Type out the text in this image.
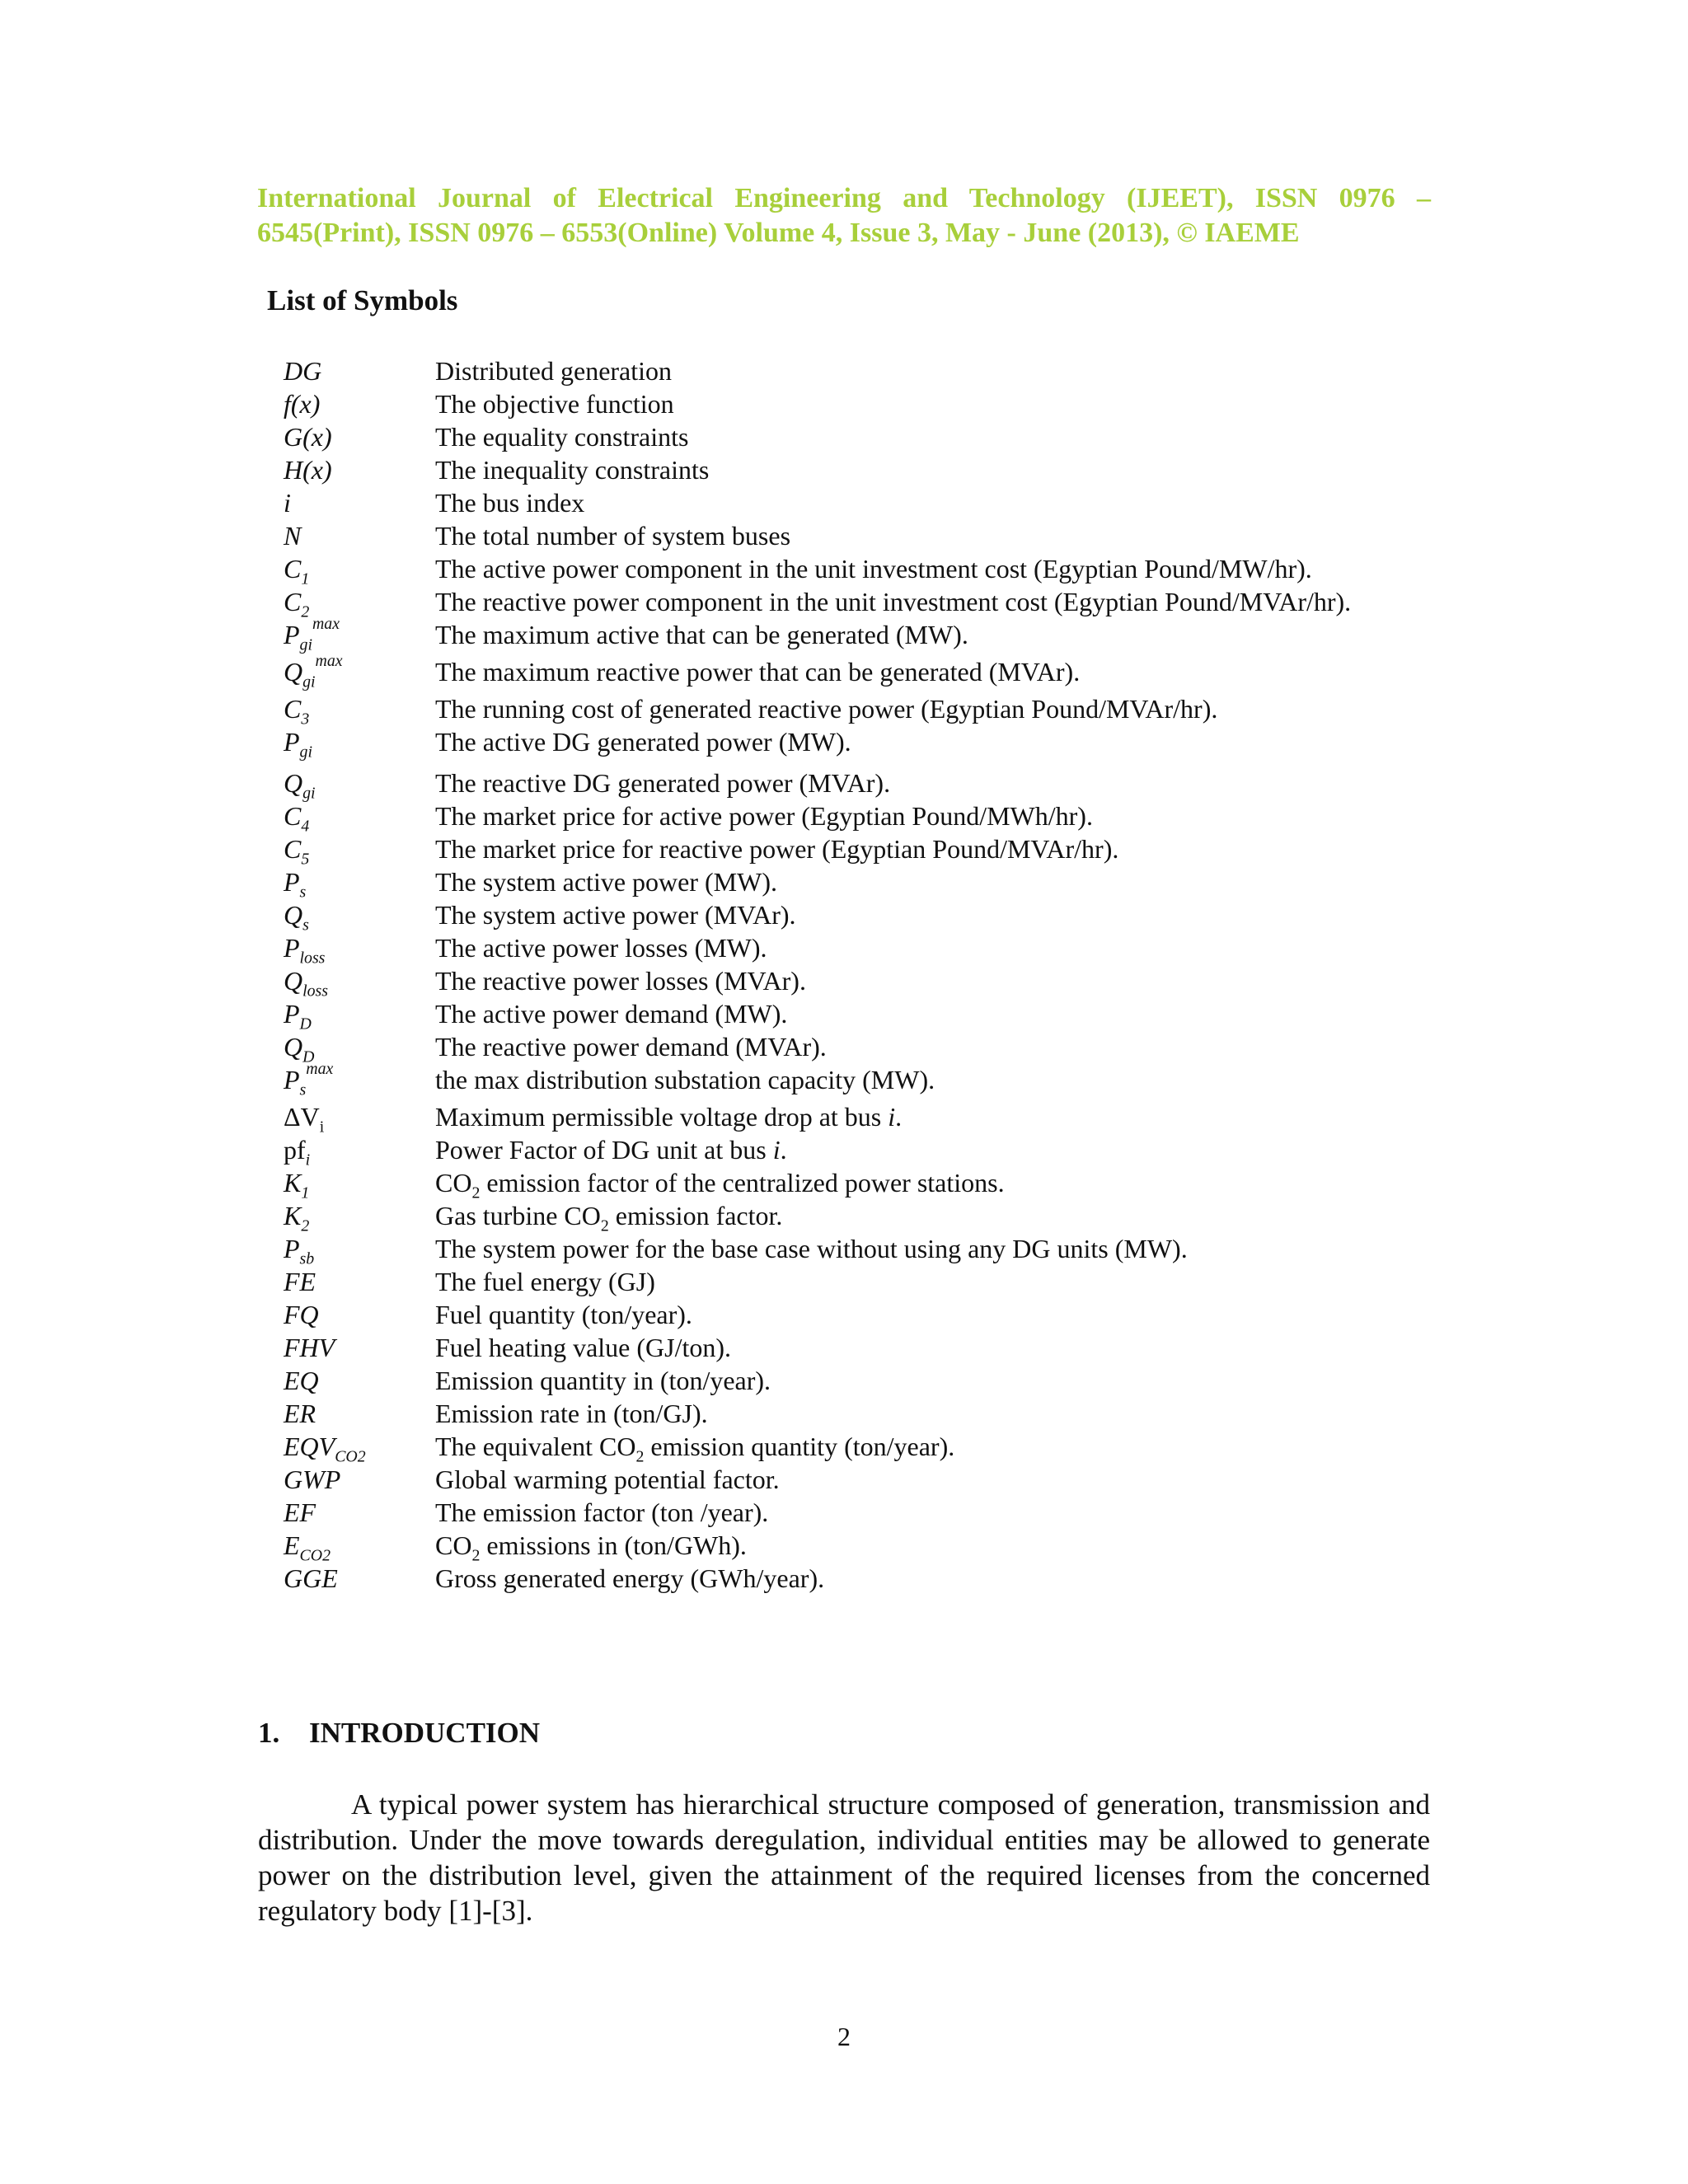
International Journal of Electrical Engineering and Technology (IJEET), ISSN 0976 –
6545(Print), ISSN 0976 – 6553(Online) Volume 4, Issue 3, May - June (2013), © IAEME
List of Symbols
DG	Distributed generation
f(x)	The objective function
G(x)	The equality constraints
H(x)	The inequality constraints
i	The bus index
N	The total number of system buses
$C_1$	The active power component in the unit investment cost (Egyptian Pound/MW/hr).
$C_2$	The reactive power component in the unit investment cost (Egyptian Pound/MVAr/hr).
$P_{gi}^{max}$	The maximum active that can be generated (MW).
$Q_{gi}^{max}$	The maximum reactive power that can be generated (MVAr).
$C_3$	The running cost of generated reactive power (Egyptian Pound/MVAr/hr).
$P_{gi}$	The active DG generated power (MW).
$Q_{gi}$	The reactive DG generated power (MVAr).
$C_4$	The market price for active power (Egyptian Pound/MWh/hr).
$C_5$	The market price for reactive power (Egyptian Pound/MVAr/hr).
$P_s$	The system active power (MW).
$Q_s$	The system active power (MVAr).
$P_{loss}$	The active power losses (MW).
$Q_{loss}$	The reactive power losses (MVAr).
$P_D$	The active power demand (MW).
$Q_D$	The reactive power demand (MVAr).
$P_s^{max}$	the max distribution substation capacity (MW).
$\Delta V_i$	Maximum permissible voltage drop at bus i.
$pf_i$	Power Factor of DG unit at bus i.
$K_1$	$CO_2$ emission factor of the centralized power stations.
$K_2$	Gas turbine $CO_2$ emission factor.
$P_{sb}$	The system power for the base case without using any DG units (MW).
FE	The fuel energy (GJ)
FQ	Fuel quantity (ton/year).
FHV	Fuel heating value (GJ/ton).
EQ	Emission quantity in (ton/year).
ER	Emission rate in (ton/GJ).
$EQV_{CO2}$	The equivalent $CO_2$ emission quantity (ton/year).
GWP	Global warming potential factor.
EF	The emission factor (ton /year).
$E_{CO2}$	$CO_2$ emissions in (ton/GWh).
GGE	Gross generated energy (GWh/year).
1. INTRODUCTION

A typical power system has hierarchical structure composed of generation, transmission and distribution. Under the move towards deregulation, individual entities may be allowed to generate power on the distribution level, given the attainment of the required licenses from the concerned regulatory body [1]-[3].

2
